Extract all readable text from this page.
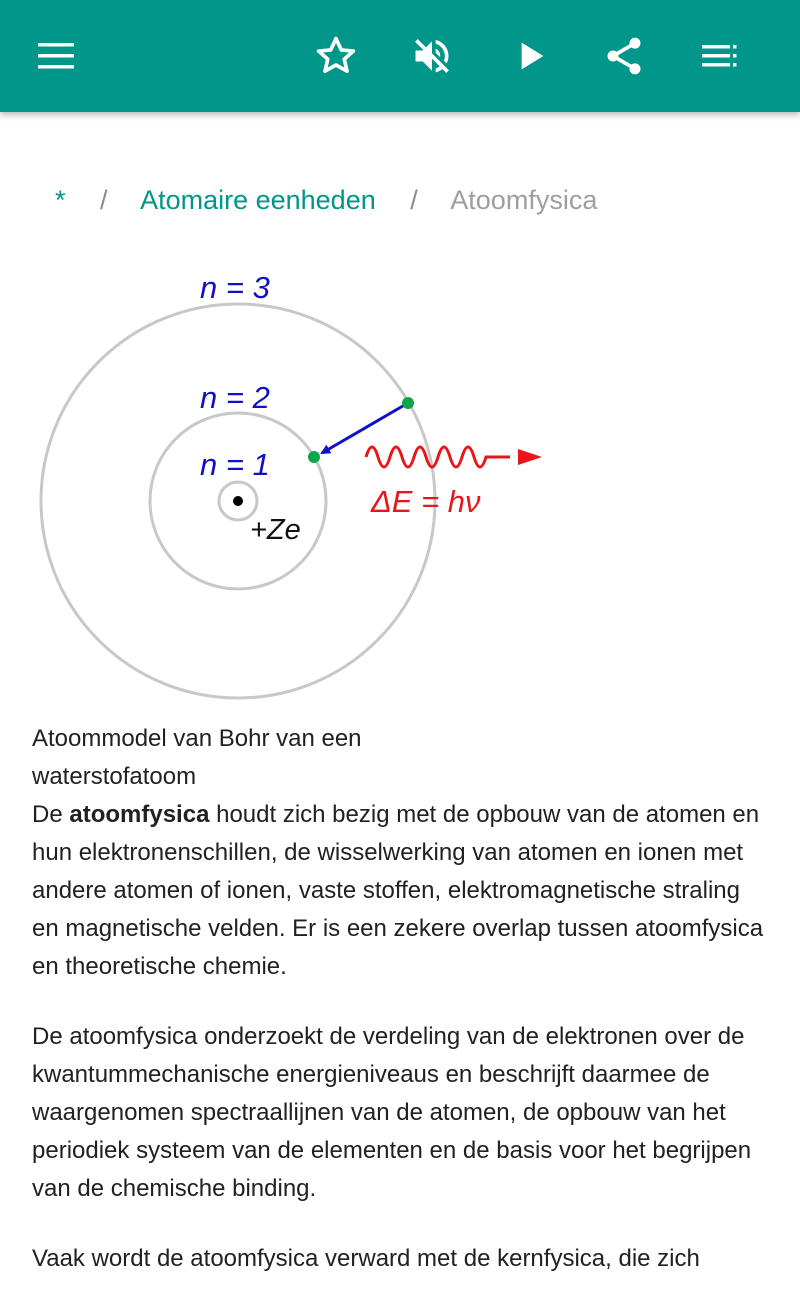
* / Atomaire eenheden / Atoomfysica
n = 3
n = 2
n = 1
+Ze
ΔE = hν

Atoommodel van Bohr van een
waterstofatoom

De atoomfysica houdt zich bezig met de opbouw van de atomen en hun elektronenschillen, de wisselwerking van atomen en ionen met andere atomen of ionen, vaste stoffen, elektromagnetische straling en magnetische velden. Er is een zekere overlap tussen atoomfysica en theoretische chemie.

De atoomfysica onderzoekt de verdeling van de elektronen over de kwantummechanische energieniveaus en beschrijft daarmee de waargenomen spectraallijnen van de atomen, de opbouw van het periodiek systeem van de elementen en de basis voor het begrijpen van de chemische binding.

Vaak wordt de atoomfysica verward met de kernfysica, die zich
